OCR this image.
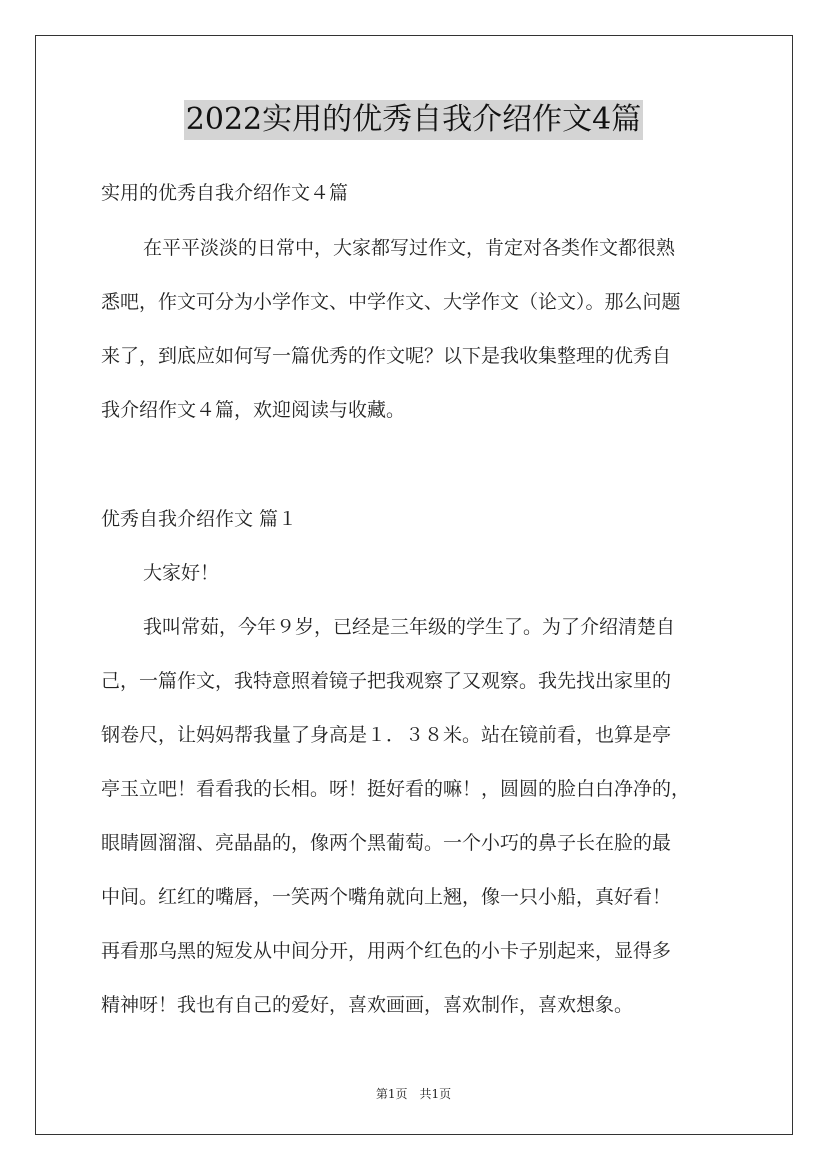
2022实用的优秀自我介绍作文4篇
实用的优秀自我介绍作文４篇
在平平淡淡的日常中，大家都写过作文，肯定对各类作文都很熟
悉吧，作文可分为小学作文、中学作文、大学作文（论文）。那么问题
来了，到底应如何写一篇优秀的作文呢？以下是我收集整理的优秀自
我介绍作文４篇，欢迎阅读与收藏。
优秀自我介绍作文 篇１
大家好！
我叫常茹，今年９岁，已经是三年级的学生了。为了介绍清楚自
己，一篇作文，我特意照着镜子把我观察了又观察。我先找出家里的
钢卷尺，让妈妈帮我量了身高是１．３８米。站在镜前看，也算是亭
亭玉立吧！看看我的长相。呀！挺好看的嘛！，圆圆的脸白白净净的，
眼睛圆溜溜、亮晶晶的，像两个黑葡萄。一个小巧的鼻子长在脸的最
中间。红红的嘴唇，一笑两个嘴角就向上翘，像一只小船，真好看！
再看那乌黑的短发从中间分开，用两个红色的小卡子别起来，显得多
精神呀！我也有自己的爱好，喜欢画画，喜欢制作，喜欢想象。
第1页 共1页
